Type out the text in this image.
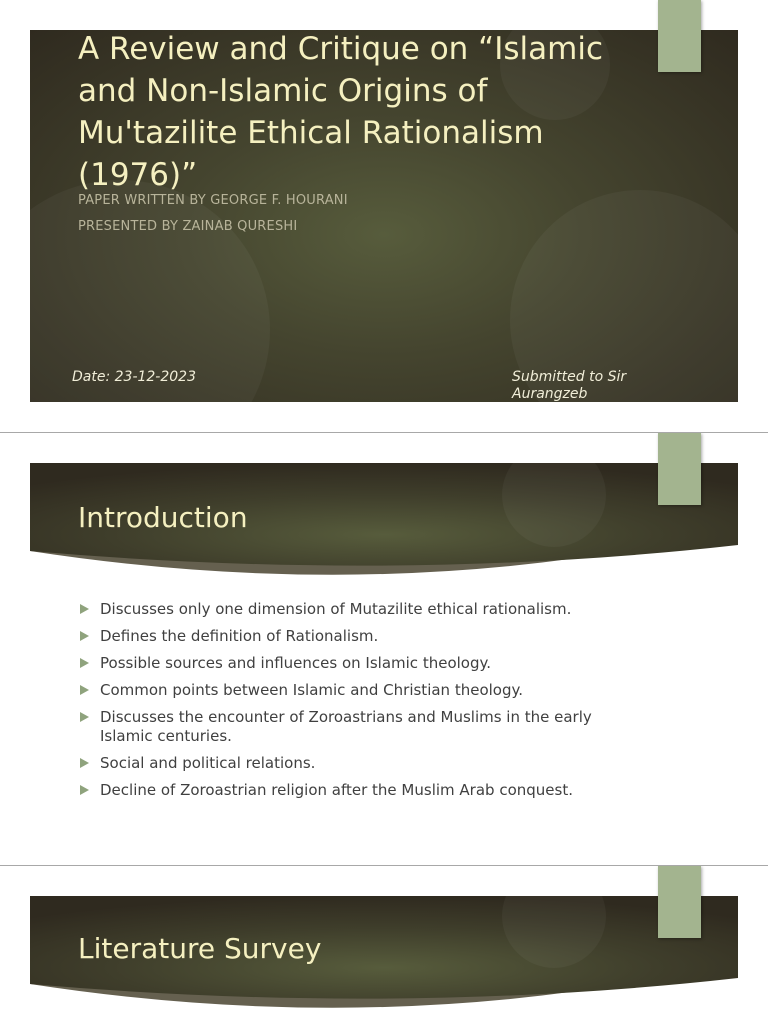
A Review and Critique on “Islamic and Non-Islamic Origins of Mu'tazilite Ethical Rationalism (1976)”
PAPER WRITTEN BY GEORGE F. HOURANI
PRESENTED BY ZAINAB QURESHI
Date: 23-12-2023	Submitted to Sir Aurangzeb
Introduction
Discusses only one dimension of Mutazilite ethical rationalism.
Defines the definition of Rationalism.
Possible sources and influences on Islamic theology.
Common points between Islamic and Christian theology.
Discusses the encounter of Zoroastrians and Muslims in the early Islamic centuries.
Social and political relations.
Decline of Zoroastrian religion after the Muslim Arab conquest.
Literature Survey
